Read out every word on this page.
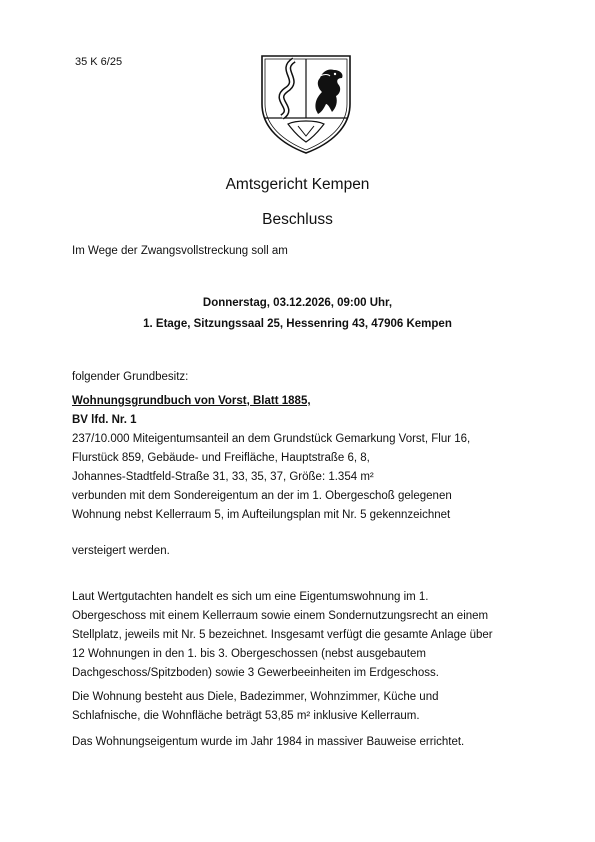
35 K 6/25
Amtsgericht Kempen
Beschluss
Im Wege der Zwangsvollstreckung soll am
Donnerstag, 03.12.2026, 09:00 Uhr,
1. Etage, Sitzungssaal 25, Hessenring 43, 47906 Kempen
folgender Grundbesitz:
Wohnungsgrundbuch von Vorst, Blatt 1885,
BV lfd. Nr. 1
237/10.000 Miteigentumsanteil an dem Grundstück Gemarkung Vorst, Flur 16,
Flurstück 859, Gebäude- und Freifläche, Hauptstraße 6, 8,
Johannes-Stadtfeld-Straße 31, 33, 35, 37, Größe: 1.354 m²
verbunden mit dem Sondereigentum an der im 1. Obergeschoß gelegenen
Wohnung nebst Kellerraum 5, im Aufteilungsplan mit Nr. 5 gekennzeichnet
versteigert werden.
Laut Wertgutachten handelt es sich um eine Eigentumswohnung im 1.
Obergeschoss mit einem Kellerraum sowie einem Sondernutzungsrecht an einem
Stellplatz, jeweils mit Nr. 5 bezeichnet. Insgesamt verfügt die gesamte Anlage über
12 Wohnungen in den 1. bis 3. Obergeschossen (nebst ausgebautem
Dachgeschoss/Spitzboden) sowie 3 Gewerbeeinheiten im Erdgeschoss.
Die Wohnung besteht aus Diele, Badezimmer, Wohnzimmer, Küche und
Schlafnische, die Wohnfläche beträgt 53,85 m² inklusive Kellerraum.
Das Wohnungseigentum wurde im Jahr 1984 in massiver Bauweise errichtet.
